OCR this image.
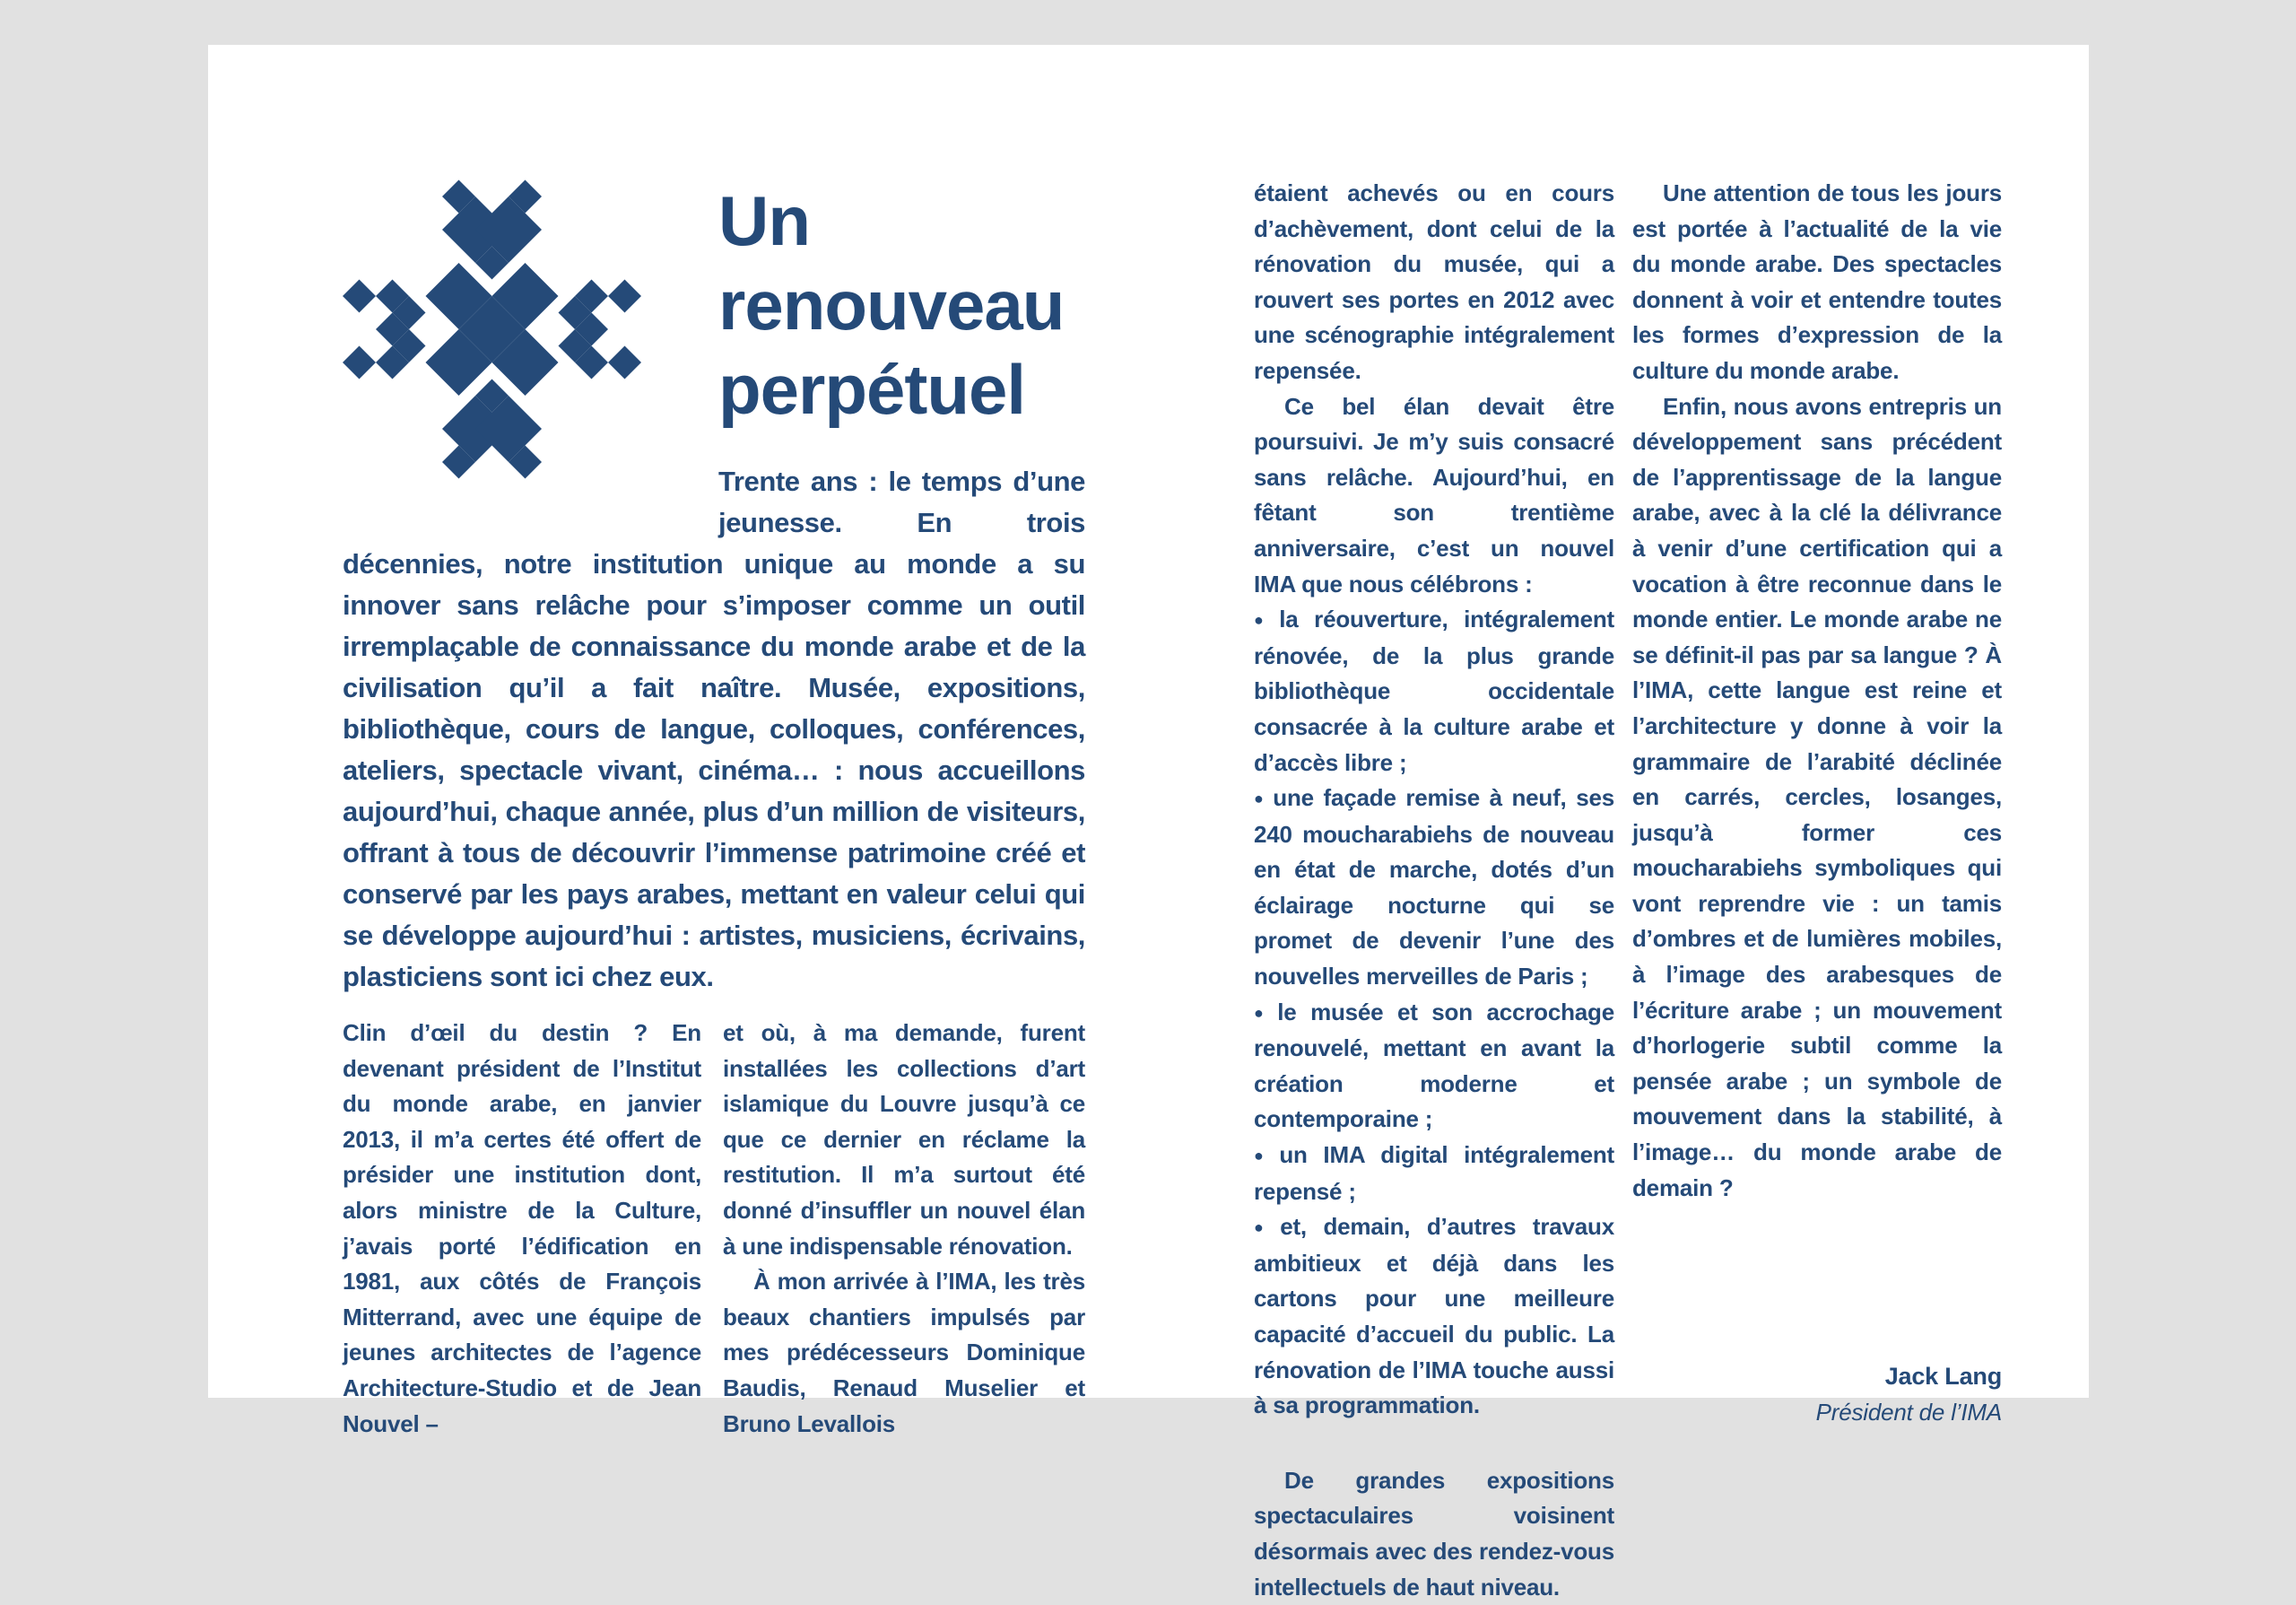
Un renouveau perpétuel

Trente ans : le temps d’une jeunesse. En trois décennies, notre institution unique au monde a su innover sans relâche pour s’imposer comme un outil irremplaçable de connaissance du monde arabe et de la civilisation qu’il a fait naître. Musée, expositions, bibliothèque, cours de langue, colloques, conférences, ateliers, spectacle vivant, cinéma… : nous accueillons aujourd’hui, chaque année, plus d’un million de visiteurs, offrant à tous de découvrir l’immense patrimoine créé et conservé par les pays arabes, mettant en valeur celui qui se développe aujourd’hui : artistes, musiciens, écrivains, plasticiens sont ici chez eux.

Clin d’œil du destin ? En devenant président de l’Institut du monde arabe, en janvier 2013, il m’a certes été offert de présider une institution dont, alors ministre de la Culture, j’avais porté l’édification en 1981, aux côtés de François Mitterrand, avec une équipe de jeunes architectes de l’agence Architecture-Studio et de Jean Nouvel –

et où, à ma demande, furent installées les collections d’art islamique du Louvre jusqu’à ce que ce dernier en réclame la restitution. Il m’a surtout été donné d’insuffler un nouvel élan à une indispensable rénovation.

À mon arrivée à l’IMA, les très beaux chantiers impulsés par mes prédécesseurs Dominique Baudis, Renaud Muselier et Bruno Levallois

étaient achevés ou en cours d’achèvement, dont celui de la rénovation du musée, qui a rouvert ses portes en 2012 avec une scénographie intégralement repensée.

Ce bel élan devait être poursuivi. Je m’y suis consacré sans relâche. Aujourd’hui, en fêtant son trentième anniversaire, c’est un nouvel IMA que nous célébrons :

● la réouverture, intégralement rénovée, de la plus grande bibliothèque occidentale consacrée à la culture arabe et d’accès libre ;

● une façade remise à neuf, ses 240 moucharabiehs de nouveau en état de marche, dotés d’un éclairage nocturne qui se promet de devenir l’une des nouvelles merveilles de Paris ;

● le musée et son accrochage renouvelé, mettant en avant la création moderne et contemporaine ;

● un IMA digital intégralement repensé ;

● et, demain, d’autres travaux ambitieux et déjà dans les cartons pour une meilleure capacité d’accueil du public. La rénovation de l’IMA touche aussi à sa programmation.

De grandes expositions spectaculaires voisinent désormais avec des rendez-vous intellectuels de haut niveau.

Une attention de tous les jours est portée à l’actualité de la vie du monde arabe. Des spectacles donnent à voir et entendre toutes les formes d’expression de la culture du monde arabe.

Enfin, nous avons entrepris un développement sans précédent de l’apprentissage de la langue arabe, avec à la clé la délivrance à venir d’une certification qui a vocation à être reconnue dans le monde entier. Le monde arabe ne se définit-il pas par sa langue ? À l’IMA, cette langue est reine et l’architecture y donne à voir la grammaire de l’arabité déclinée en carrés, cercles, losanges, jusqu’à former ces moucharabiehs symboliques qui vont reprendre vie : un tamis d’ombres et de lumières mobiles, à l’image des arabesques de l’écriture arabe ; un mouvement d’horlogerie subtil comme la pensée arabe ; un symbole de mouvement dans la stabilité, à l’image… du monde arabe de demain ?

Jack Lang
Président de l’IMA
